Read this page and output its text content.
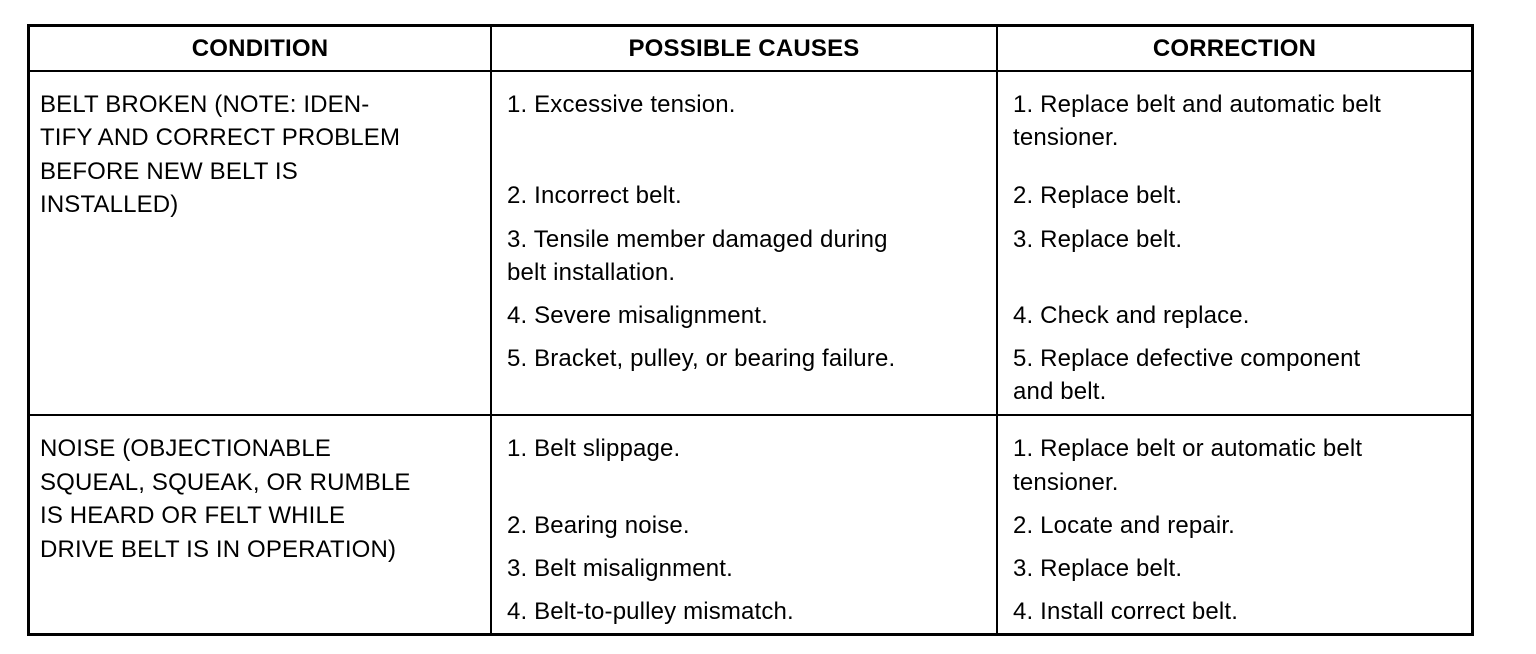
CONDITION	POSSIBLE CAUSES	CORRECTION
BELT BROKEN (NOTE: IDEN-
TIFY AND CORRECT PROBLEM
BEFORE NEW BELT IS
INSTALLED)
1. Excessive tension.
2. Incorrect belt.
3. Tensile member damaged during
belt installation.
4. Severe misalignment.
5. Bracket, pulley, or bearing failure.
1. Replace belt and automatic belt
tensioner.
2. Replace belt.
3. Replace belt.
4. Check and replace.
5. Replace defective component
and belt.
NOISE (OBJECTIONABLE
SQUEAL, SQUEAK, OR RUMBLE
IS HEARD OR FELT WHILE
DRIVE BELT IS IN OPERATION)
1. Belt slippage.
2. Bearing noise.
3. Belt misalignment.
4. Belt-to-pulley mismatch.
1. Replace belt or automatic belt
tensioner.
2. Locate and repair.
3. Replace belt.
4. Install correct belt.
